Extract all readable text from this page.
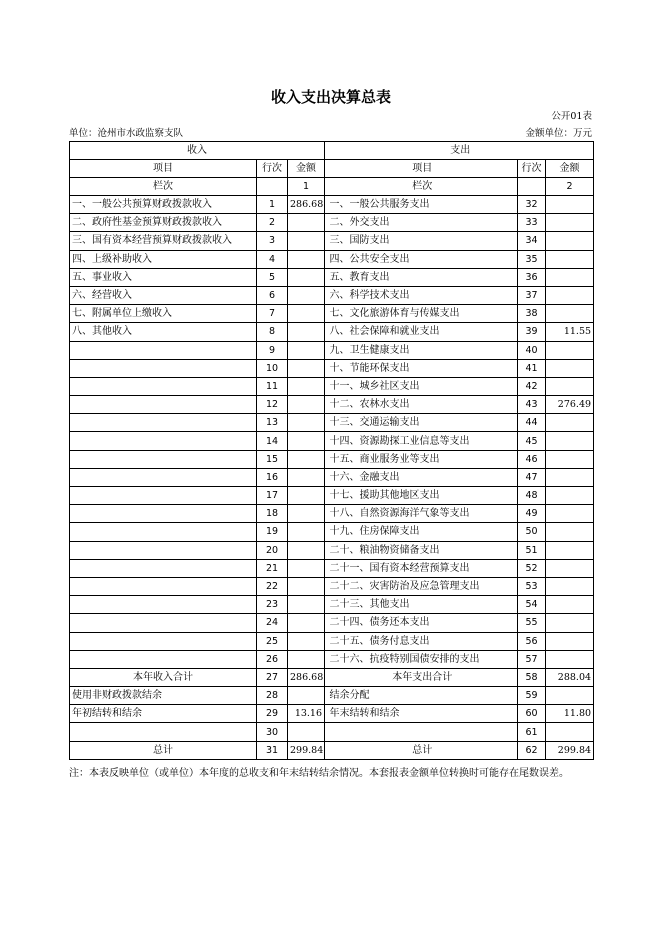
收入支出决算总表
公开01表
单位：沧州市水政监察支队	金额单位：万元
收入				支出		
项目	行次	金额		项目	行次	金额
栏次		1		栏次		2
一、一般公共预算财政拨款收入	1	286.68		一、一般公共服务支出	32	
二、政府性基金预算财政拨款收入	2			二、外交支出	33	
三、国有资本经营预算财政拨款收入	3			三、国防支出	34	
四、上级补助收入	4			四、公共安全支出	35	
五、事业收入	5			五、教育支出	36	
六、经营收入	6			六、科学技术支出	37	
七、附属单位上缴收入	7			七、文化旅游体育与传媒支出	38	
八、其他收入	8			八、社会保障和就业支出	39	11.55
	9			九、卫生健康支出	40	
	10			十、节能环保支出	41	
	11			十一、城乡社区支出	42	
	12			十二、农林水支出	43	276.49
	13			十三、交通运输支出	44	
	14			十四、资源勘探工业信息等支出	45	
	15			十五、商业服务业等支出	46	
	16			十六、金融支出	47	
	17			十七、援助其他地区支出	48	
	18			十八、自然资源海洋气象等支出	49	
	19			十九、住房保障支出	50	
	20			二十、粮油物资储备支出	51	
	21			二十一、国有资本经营预算支出	52	
	22			二十二、灾害防治及应急管理支出	53	
	23			二十三、其他支出	54	
	24			二十四、债务还本支出	55	
	25			二十五、债务付息支出	56	
	26			二十六、抗疫特别国债安排的支出	57	
本年收入合计	27	286.68		本年支出合计	58	288.04
使用非财政拨款结余	28			结余分配	59	
年初结转和结余	29	13.16		年末结转和结余	60	11.80
	30				61	
总计	31	299.84		总计	62	299.84
注：本表反映单位（或单位）本年度的总收支和年末结转结余情况。本套报表金额单位转换时可能存在尾数误差。
